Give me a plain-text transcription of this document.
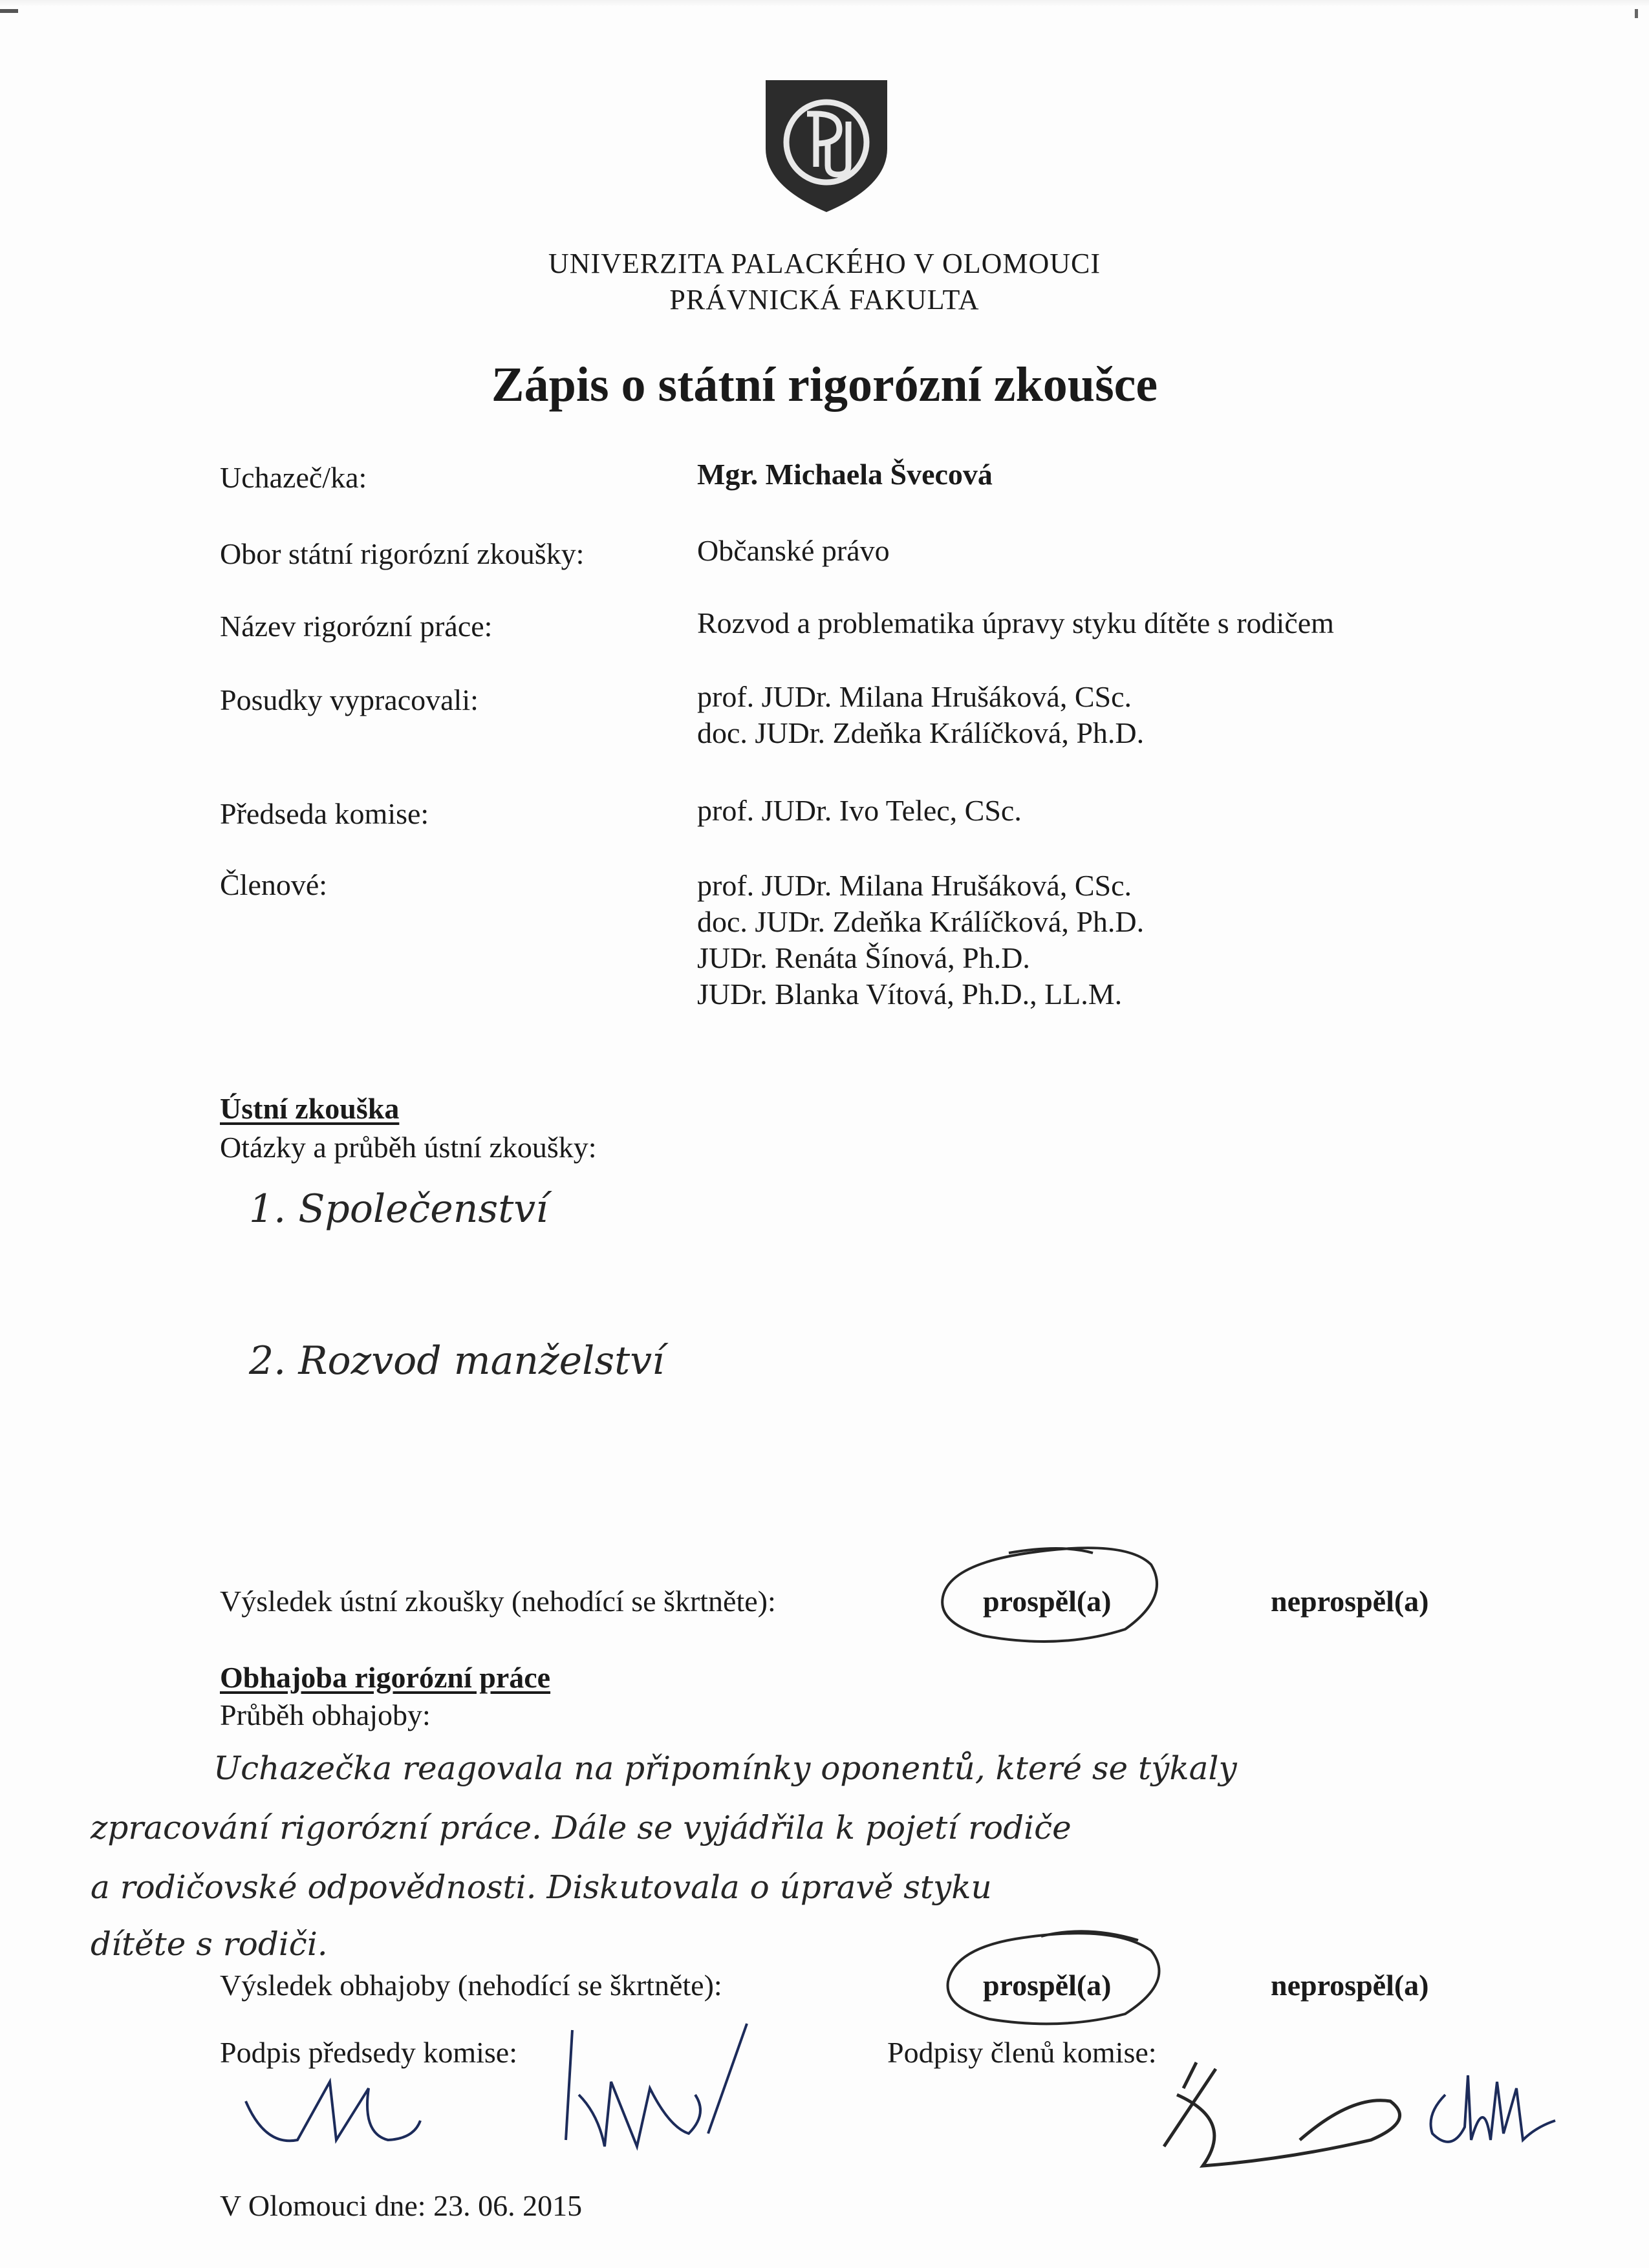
UNIVERZITA PALACKÉHO V OLOMOUCI
PRÁVNICKÁ FAKULTA
Zápis o státní rigorózní zkoušce
Uchazeč/ka:	Mgr. Michaela Švecová
Obor státní rigorózní zkoušky:	Občanské právo
Název rigorózní práce:	Rozvod a problematika úpravy styku dítěte s rodičem
Posudky vypracovali:	prof. JUDr. Milana Hrušáková, CSc.
doc. JUDr. Zdeňka Králíčková, Ph.D.
Předseda komise:	prof. JUDr. Ivo Telec, CSc.
Členové:	prof. JUDr. Milana Hrušáková, CSc.
doc. JUDr. Zdeňka Králíčková, Ph.D.
JUDr. Renáta Šínová, Ph.D.
JUDr. Blanka Vítová, Ph.D., LL.M.
Ústní zkouška
Otázky a průběh ústní zkoušky:
1. Společenství
2. Rozvod manželství
Výsledek ústní zkoušky (nehodící se škrtněte):	prospěl(a)	neprospěl(a)
Obhajoba rigorózní práce
Průběh obhajoby:
Uchazečka reagovala na připomínky oponentů, které se týkaly
zpracování rigorózní práce. Dále se vyjádřila k pojetí rodiče
a rodičovské odpovědnosti. Diskutovala o úpravě styku
dítěte s rodiči.
Výsledek obhajoby (nehodící se škrtněte):	prospěl(a)	neprospěl(a)
Podpis předsedy komise:	Podpisy členů komise:
V Olomouci dne: 23. 06. 2015
